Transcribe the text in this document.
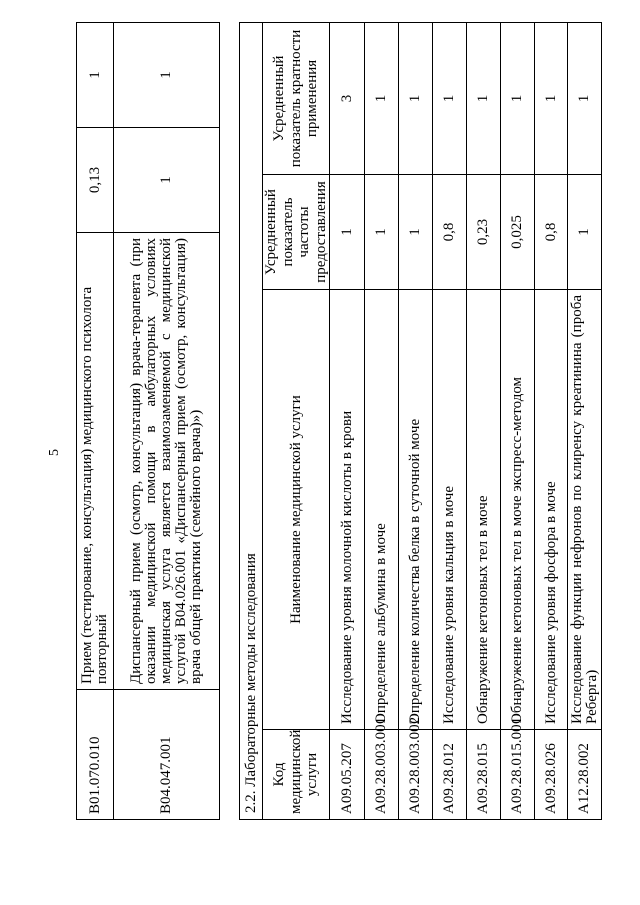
5
B01.070.010	Прием (тестирование, консультация) медицинского психолога повторный	0,13	1
B04.047.001	Диспансерный прием (осмотр, консультация) врача-терапевта (при оказании медицинской помощи в амбулаторных условиях медицинская услуга является взаимозаменяемой с медицинской услугой B04.026.001 «Диспансерный прием (осмотр, консультация) врача общей практики (семейного врача)»)	1	1
2.2. Лабораторные методы исследования			
Код медицинской услуги	Наименование медицинской услуги	Усредненный показатель частоты предоставления	Усредненный показатель кратности применения
A09.05.207	Исследование уровня молочной кислоты в крови	1	3
A09.28.003.001	Определение альбумина в моче	1	1
A09.28.003.002	Определение количества белка в суточной моче	1	1
A09.28.012	Исследование уровня кальция в моче	0,8	1
A09.28.015	Обнаружение кетоновых тел в моче	0,23	1
A09.28.015.001	Обнаружение кетоновых тел в моче экспресс-методом	0,025	1
A09.28.026	Исследование уровня фосфора в моче	0,8	1
A12.28.002	Исследование функции нефронов по клиренсу креатинина (проба Реберга)	1	1
